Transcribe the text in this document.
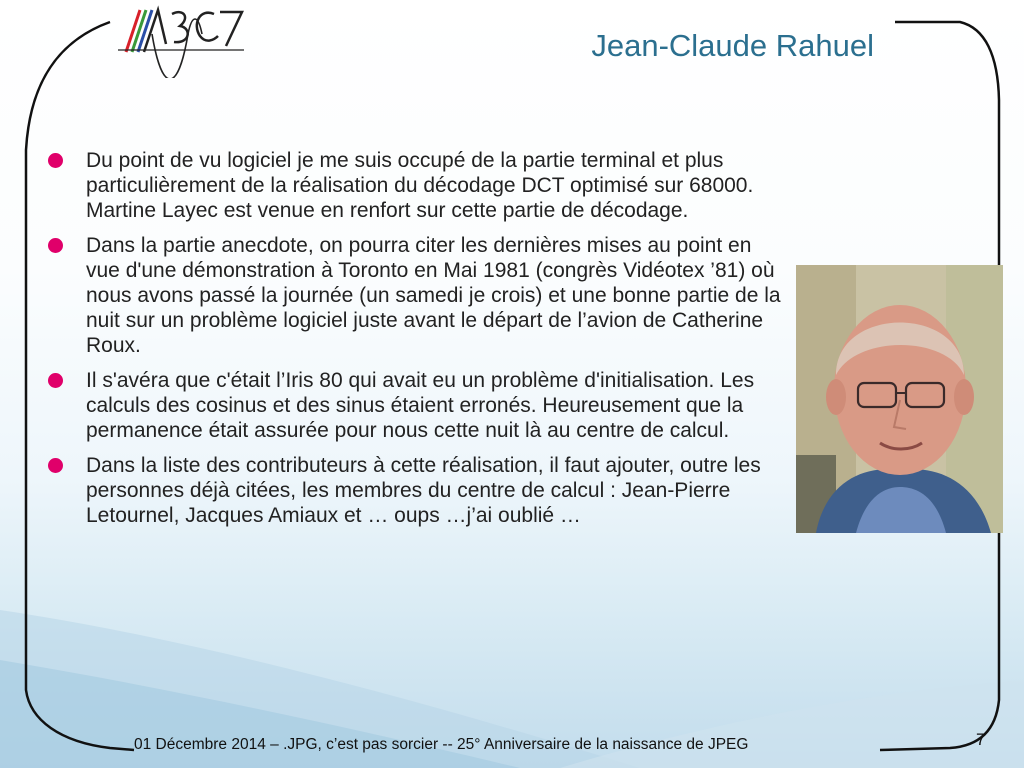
Jean-Claude Rahuel
Du point de vu logiciel je me suis occupé de la partie terminal et plus particulièrement de la réalisation du décodage DCT optimisé sur 68000. Martine Layec est venue en renfort sur cette partie de décodage.
Dans la partie anecdote, on pourra citer les dernières mises au point en vue d'une démonstration à Toronto en Mai 1981 (congrès Vidéotex ’81) où nous avons passé la journée (un samedi je crois) et une bonne partie de la nuit sur un problème logiciel juste avant le départ de l’avion de Catherine Roux.
Il s'avéra que c'était l’Iris 80 qui avait eu un problème d'initialisation. Les calculs des cosinus et des sinus étaient erronés. Heureusement que la permanence était assurée pour nous cette nuit là au centre de calcul.
Dans la liste des contributeurs à cette réalisation, il faut ajouter, outre les personnes déjà citées, les membres du centre de calcul : Jean-Pierre Letournel, Jacques Amiaux et … oups …j’ai oublié …
01 Décembre 2014 – .JPG, c’est pas sorcier -- 25° Anniversaire de la naissance de JPEG	7
